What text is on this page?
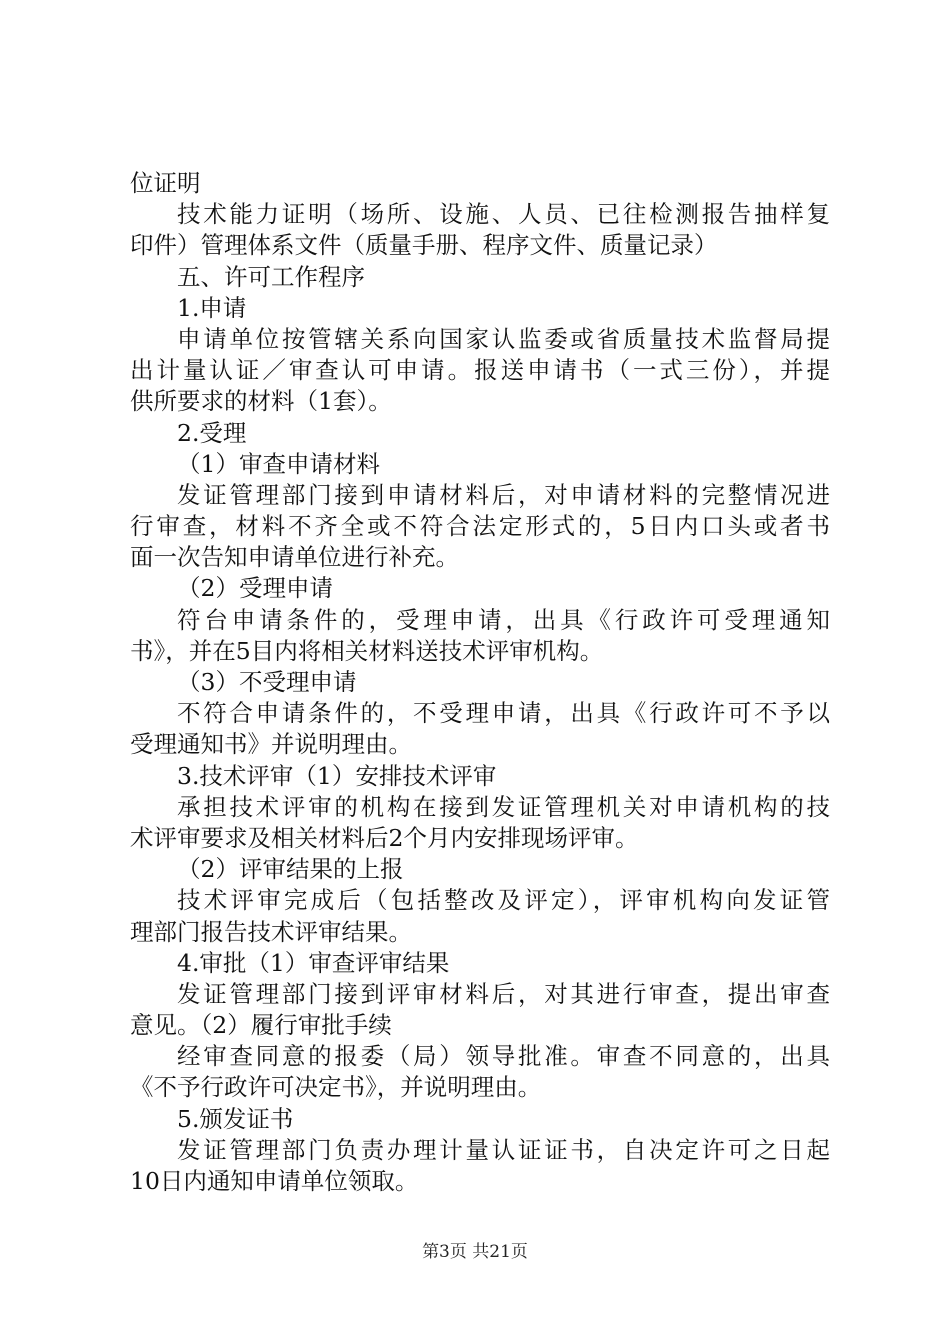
位证明
技术能力证明（场所、设施、人员、已往检测报告抽样复
印件）管理体系文件（质量手册、程序文件、质量记录）
五、许可工作程序
1.申请
申请单位按管辖关系向国家认监委或省质量技术监督局提
出计量认证／审查认可申请。报送申请书（一式三份），并提
供所要求的材料（1套）。
2.受理
（1）审查申请材料
发证管理部门接到申请材料后，对申请材料的完整情况进
行审查，材料不齐全或不符合法定形式的，5日内口头或者书
面一次告知申请单位进行补充。
（2）受理申请
符台申请条件的，受理申请，出具《行政许可受理通知
书》，并在5目内将相关材料送技术评审机构。
（3）不受理申请
不符合申请条件的，不受理申请，出具《行政许可不予以
受理通知书》并说明理由。
3.技术评审（1）安排技术评审
承担技术评审的机构在接到发证管理机关对申请机构的技
术评审要求及相关材料后2个月内安排现场评审。
（2）评审结果的上报
技术评审完成后（包括整改及评定），评审机构向发证管
理部门报告技术评审结果。
4.审批（1）审查评审结果
发证管理部门接到评审材料后，对其进行审查，提出审查
意见。（2）履行审批手续
经审查同意的报委（局）领导批准。审查不同意的，出具
《不予行政许可决定书》，并说明理由。
5.颁发证书
发证管理部门负责办理计量认证证书，自决定许可之日起
10日内通知申请单位领取。
第3页 共21页
